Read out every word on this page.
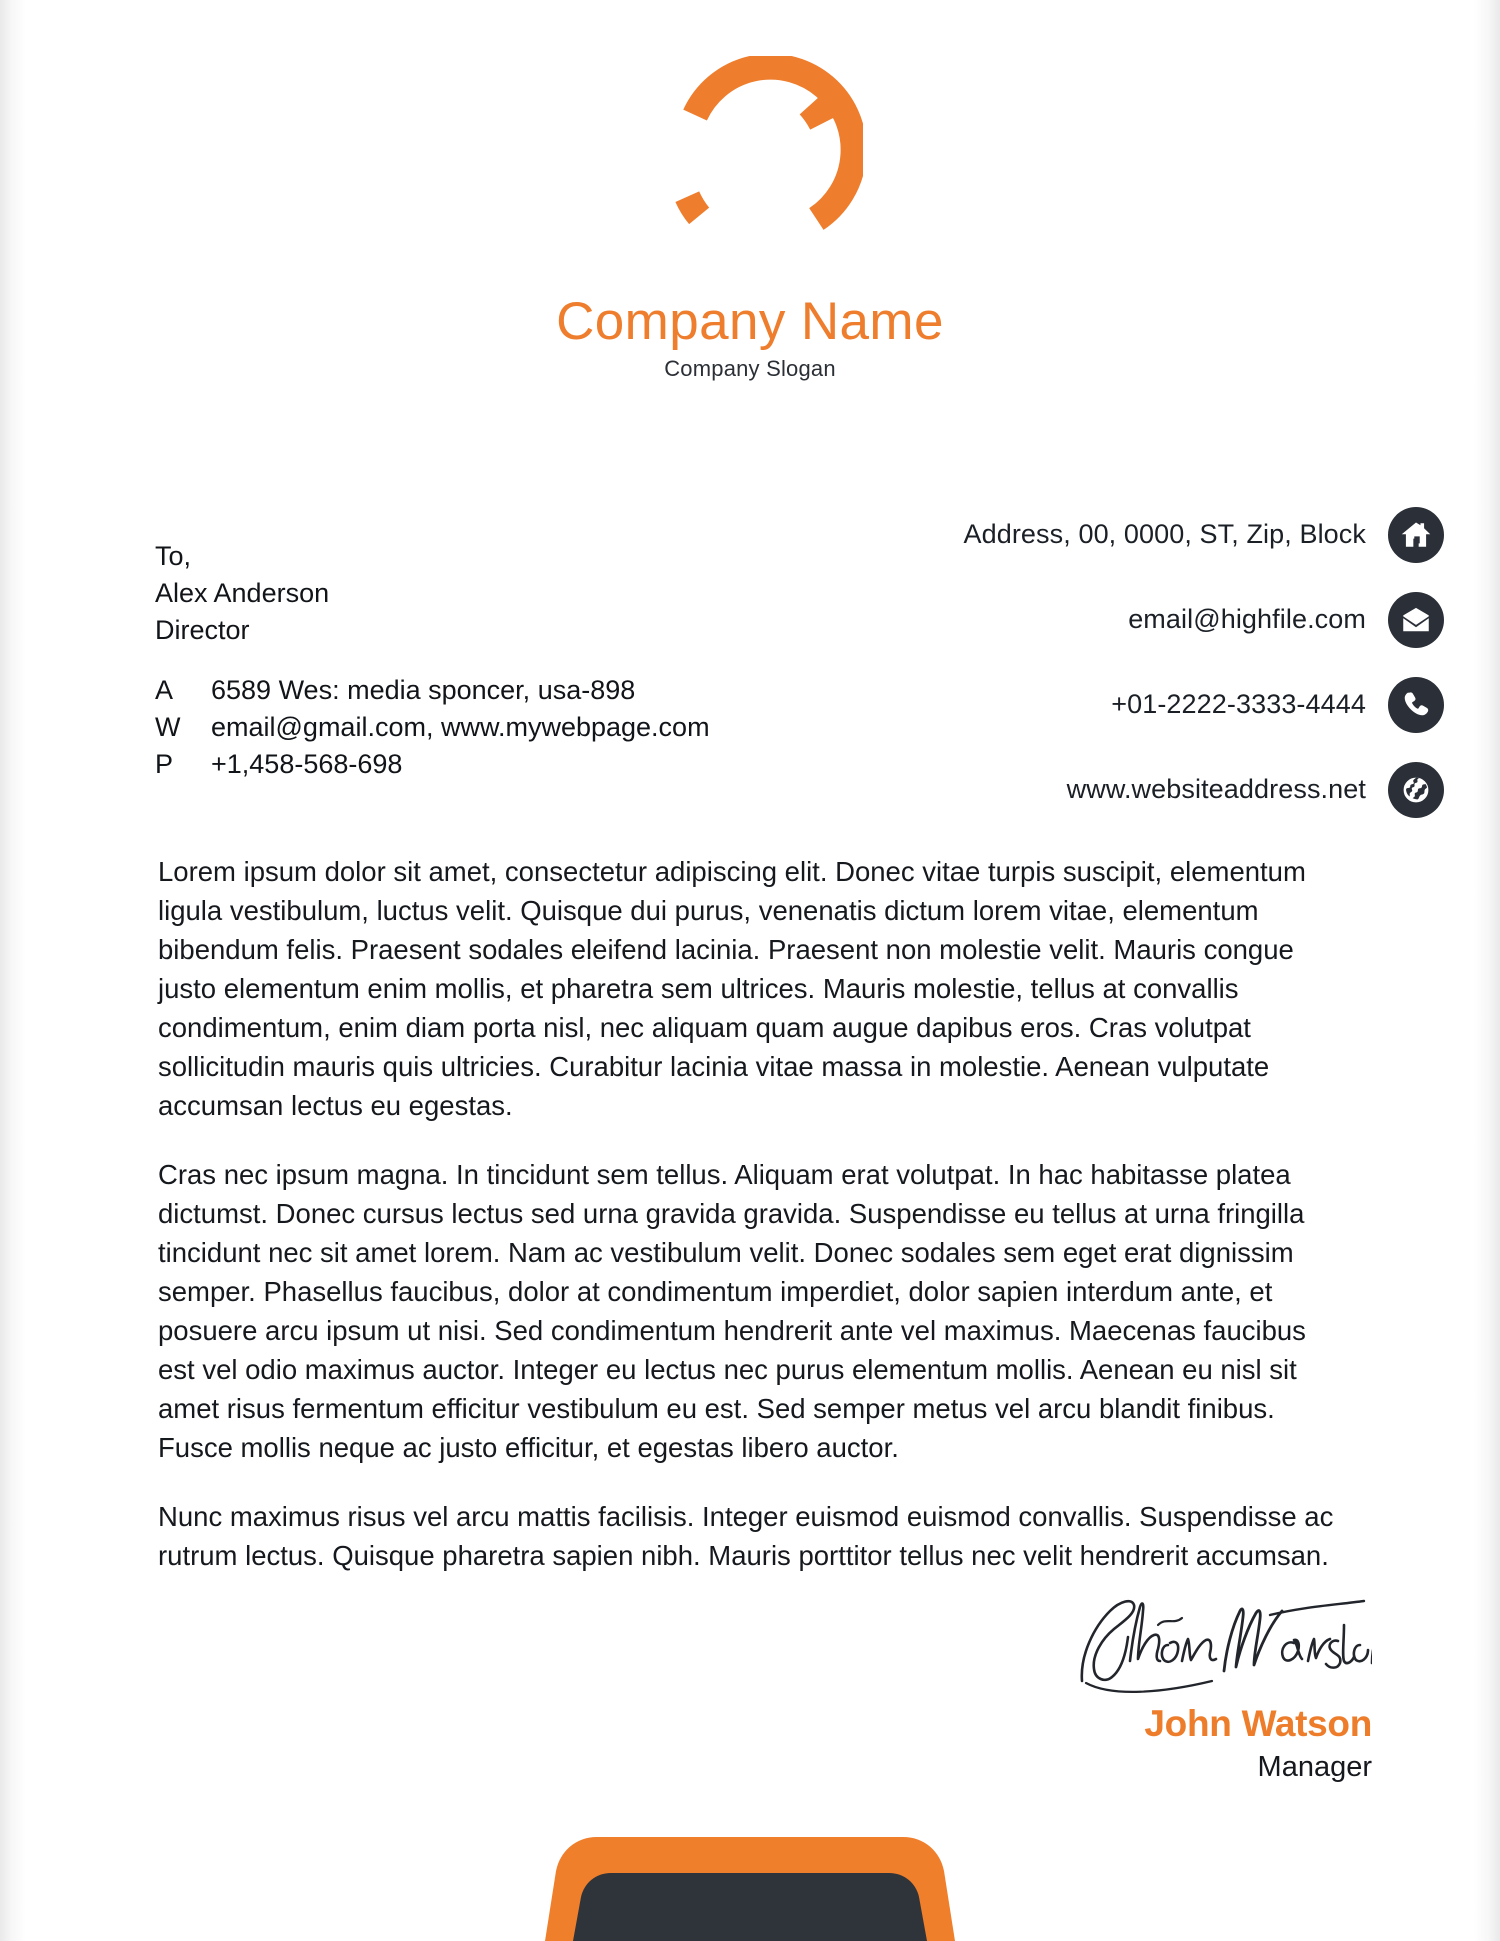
Company Name
Company Slogan
To,
Alex Anderson
Director
A	6589 Wes: media sponcer, usa-898
W	email@gmail.com, www.mywebpage.com
P	+1,458-568-698
Address, 00, 0000, ST, Zip, Block
email@highfile.com
+01-2222-3333-4444
www.websiteaddress.net

Lorem ipsum dolor sit amet, consectetur adipiscing elit. Donec vitae turpis suscipit, elementum ligula vestibulum, luctus velit. Quisque dui purus, venenatis dictum lorem vitae, elementum bibendum felis. Praesent sodales eleifend lacinia. Praesent non molestie velit. Mauris congue justo elementum enim mollis, et pharetra sem ultrices. Mauris molestie, tellus at convallis condimentum, enim diam porta nisl, nec aliquam quam augue dapibus eros. Cras volutpat sollicitudin mauris quis ultricies. Curabitur lacinia vitae massa in molestie. Aenean vulputate accumsan lectus eu egestas.

Cras nec ipsum magna. In tincidunt sem tellus. Aliquam erat volutpat. In hac habitasse platea dictumst. Donec cursus lectus sed urna gravida gravida. Suspendisse eu tellus at urna fringilla tincidunt nec sit amet lorem. Nam ac vestibulum velit. Donec sodales sem eget erat dignissim semper. Phasellus faucibus, dolor at condimentum imperdiet, dolor sapien interdum ante, et posuere arcu ipsum ut nisi. Sed condimentum hendrerit ante vel maximus. Maecenas faucibus est vel odio maximus auctor. Integer eu lectus nec purus elementum mollis. Aenean eu nisl sit amet risus fermentum efficitur vestibulum eu est. Sed semper metus vel arcu blandit finibus. Fusce mollis neque ac justo efficitur, et egestas libero auctor.

Nunc maximus risus vel arcu mattis facilisis. Integer euismod euismod convallis. Suspendisse ac rutrum lectus. Quisque pharetra sapien nibh. Mauris porttitor tellus nec velit hendrerit accumsan.

John Watson
Manager
